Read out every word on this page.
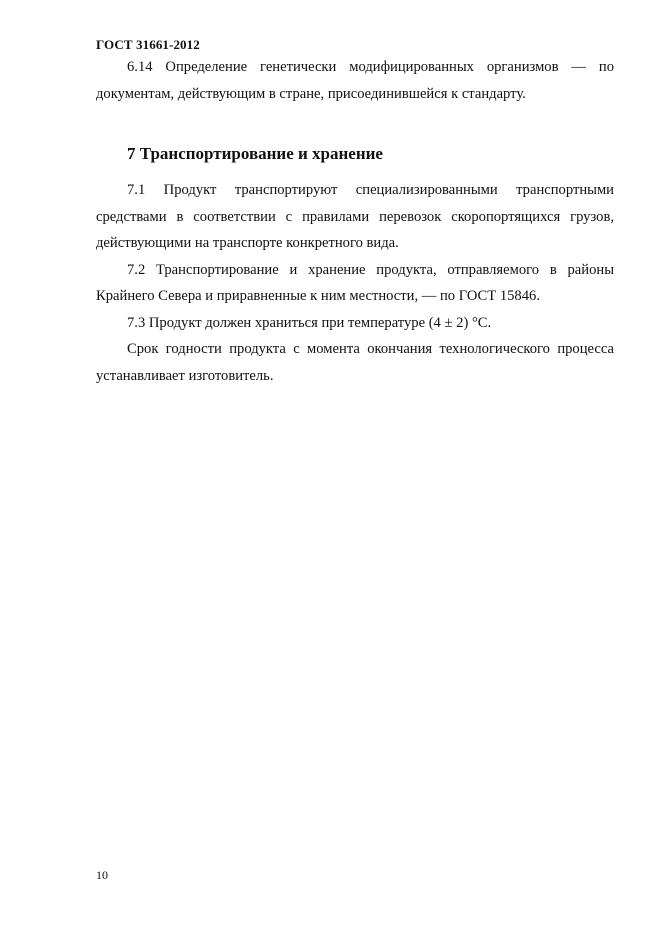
ГОСТ 31661-2012

6.14 Определение генетически модифицированных организмов — по документам, действующим в стране, присоединившейся к стандарту.

7 Транспортирование и хранение

7.1 Продукт транспортируют специализированными транспортными средствами в соответствии с правилами перевозок скоропортящихся грузов, действующими на транспорте конкретного вида.

7.2 Транспортирование и хранение продукта, отправляемого в районы Крайнего Севера и приравненные к ним местности, — по ГОСТ 15846.

7.3 Продукт должен храниться при температуре (4 ± 2) °С.

Срок годности продукта с момента окончания технологического процесса устанавливает изготовитель.

10
